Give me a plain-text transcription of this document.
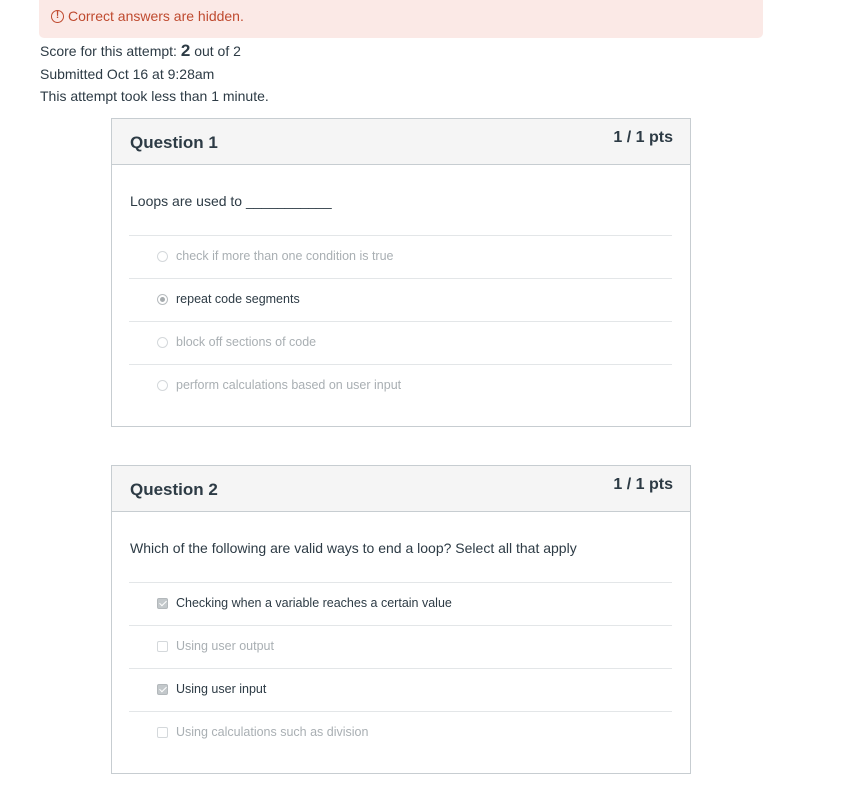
! Correct answers are hidden.
Score for this attempt: 2 out of 2
Submitted Oct 16 at 9:28am
This attempt took less than 1 minute.
Question 1	1 / 1 pts
Loops are used to ___________
check if more than one condition is true
repeat code segments
block off sections of code
perform calculations based on user input
Question 2	1 / 1 pts
Which of the following are valid ways to end a loop? Select all that apply
Checking when a variable reaches a certain value
Using user output
Using user input
Using calculations such as division
